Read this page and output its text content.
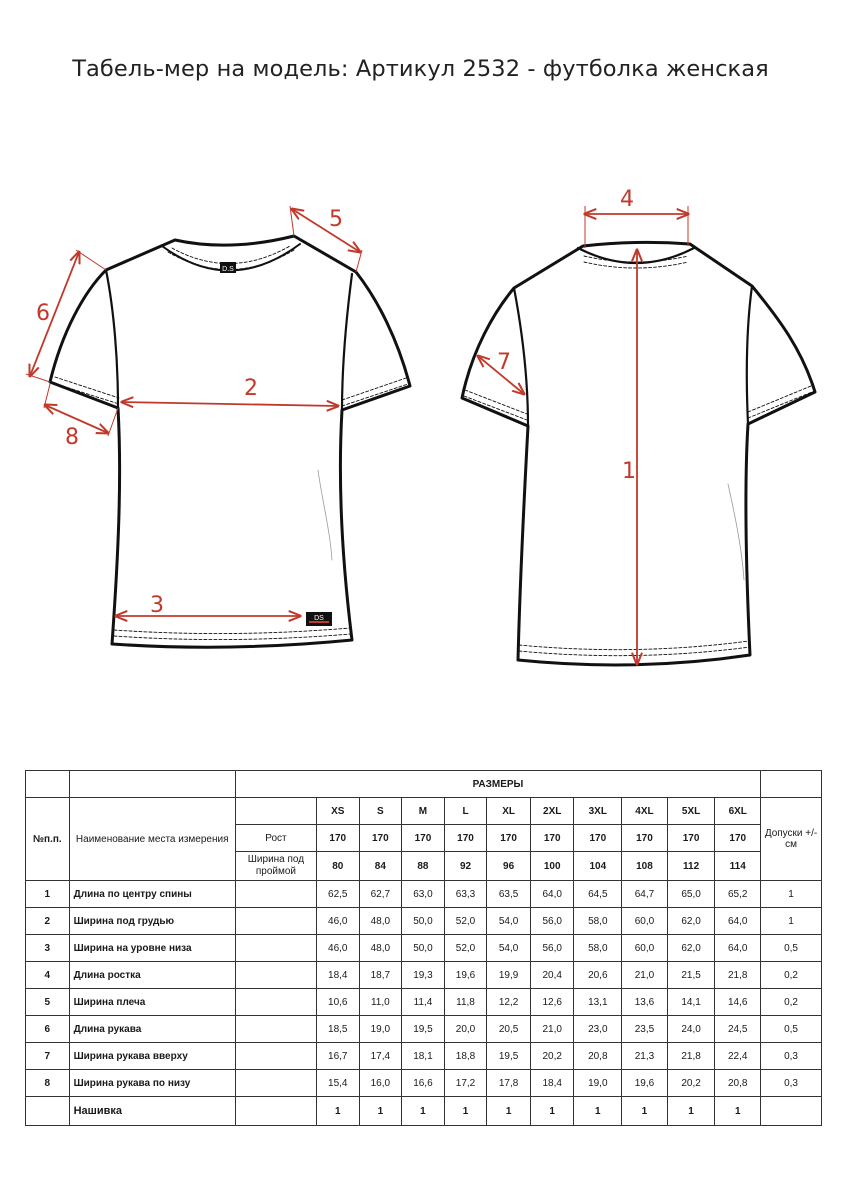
Табель-мер на модель: Артикул 2532 - футболка женская
D.S
DS
5
6
2
8
3
4
7
1
		РАЗМЕРЫ											
№п.п.	Наименование места измерения		XS	S	M	L	XL	2XL	3XL	4XL	5XL	6XL	Допуски +/- см
		Рост	170	170	170	170	170	170	170	170	170	170	
		Ширина под проймой	80	84	88	92	96	100	104	108	112	114	
1	Длина по центру спины		62,5	62,7	63,0	63,3	63,5	64,0	64,5	64,7	65,0	65,2	1
2	Ширина под грудью		46,0	48,0	50,0	52,0	54,0	56,0	58,0	60,0	62,0	64,0	1
3	Ширина на уровне низа		46,0	48,0	50,0	52,0	54,0	56,0	58,0	60,0	62,0	64,0	0,5
4	Длина ростка		18,4	18,7	19,3	19,6	19,9	20,4	20,6	21,0	21,5	21,8	0,2
5	Ширина плеча		10,6	11,0	11,4	11,8	12,2	12,6	13,1	13,6	14,1	14,6	0,2
6	Длина рукава		18,5	19,0	19,5	20,0	20,5	21,0	23,0	23,5	24,0	24,5	0,5
7	Ширина рукава вверху		16,7	17,4	18,1	18,8	19,5	20,2	20,8	21,3	21,8	22,4	0,3
8	Ширина рукава по низу		15,4	16,0	16,6	17,2	17,8	18,4	19,0	19,6	20,2	20,8	0,3
	Нашивка		1	1	1	1	1	1	1	1	1	1	
